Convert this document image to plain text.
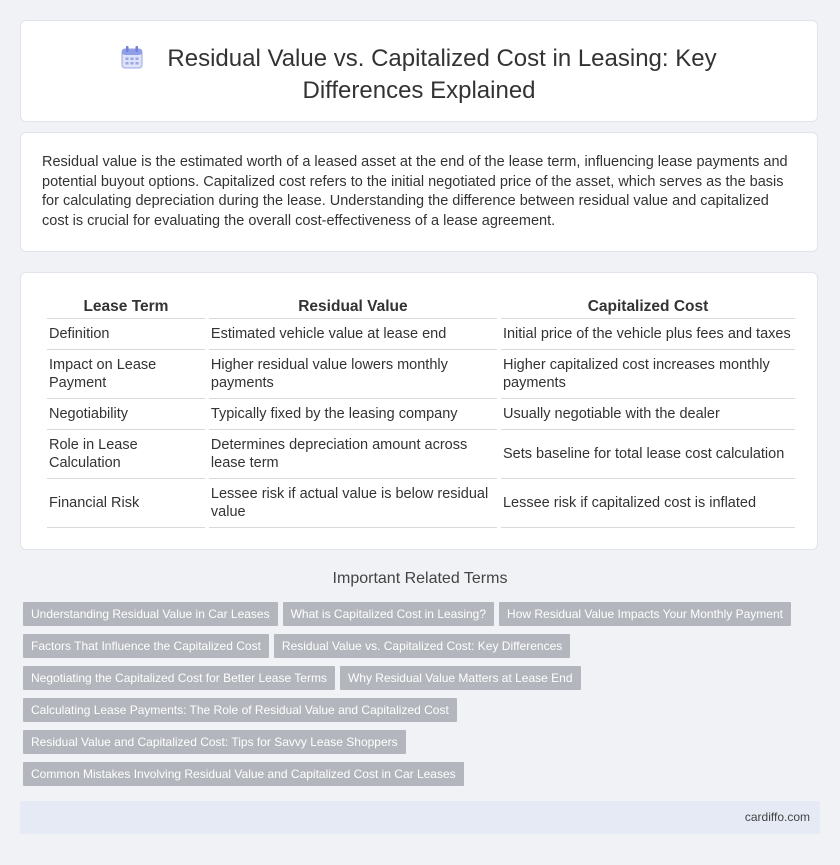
Residual Value vs. Capitalized Cost in Leasing: Key Differences Explained

Residual value is the estimated worth of a leased asset at the end of the lease term, influencing lease payments and potential buyout options. Capitalized cost refers to the initial negotiated price of the asset, which serves as the basis for calculating depreciation during the lease. Understanding the difference between residual value and capitalized cost is crucial for evaluating the overall cost-effectiveness of a lease agreement.

Lease Term	Residual Value	Capitalized Cost
Definition	Estimated vehicle value at lease end	Initial price of the vehicle plus fees and taxes
Impact on Lease Payment	Higher residual value lowers monthly payments	Higher capitalized cost increases monthly payments
Negotiability	Typically fixed by the leasing company	Usually negotiable with the dealer
Role in Lease Calculation	Determines depreciation amount across lease term	Sets baseline for total lease cost calculation
Financial Risk	Lessee risk if actual value is below residual value	Lessee risk if capitalized cost is inflated
Important Related Terms
Understanding Residual Value in Car Leases What is Capitalized Cost in Leasing? How Residual Value Impacts Your Monthly Payment
Factors That Influence the Capitalized Cost Residual Value vs. Capitalized Cost: Key Differences
Negotiating the Capitalized Cost for Better Lease Terms Why Residual Value Matters at Lease End
Calculating Lease Payments: The Role of Residual Value and Capitalized Cost
Residual Value and Capitalized Cost: Tips for Savvy Lease Shoppers
Common Mistakes Involving Residual Value and Capitalized Cost in Car Leases
cardiffo.com
